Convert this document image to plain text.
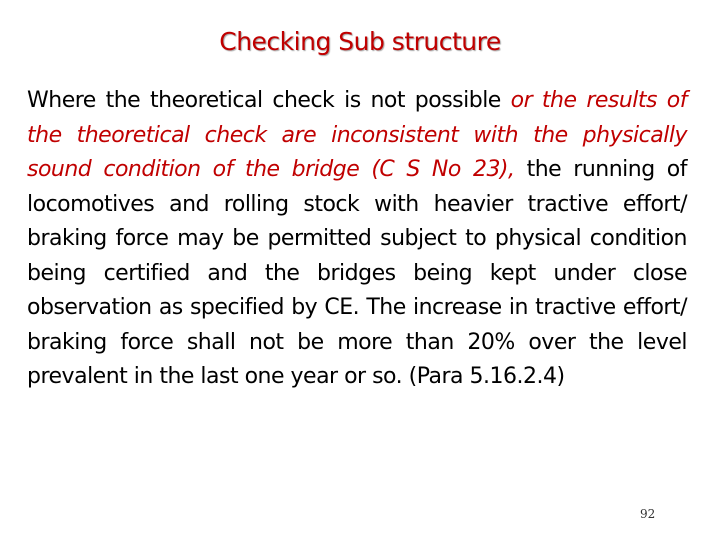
Checking Sub structure

Where the theoretical check is not possible or the results of the theoretical check are inconsistent with the physically sound condition of the bridge (C S No 23), the running of locomotives and rolling stock with heavier tractive effort/ braking force may be permitted subject to physical condition being certified and the bridges being kept under close observation as specified by CE. The increase in tractive effort/ braking force shall not be more than 20% over the level prevalent in the last one year or so. (Para 5.16.2.4)

92
